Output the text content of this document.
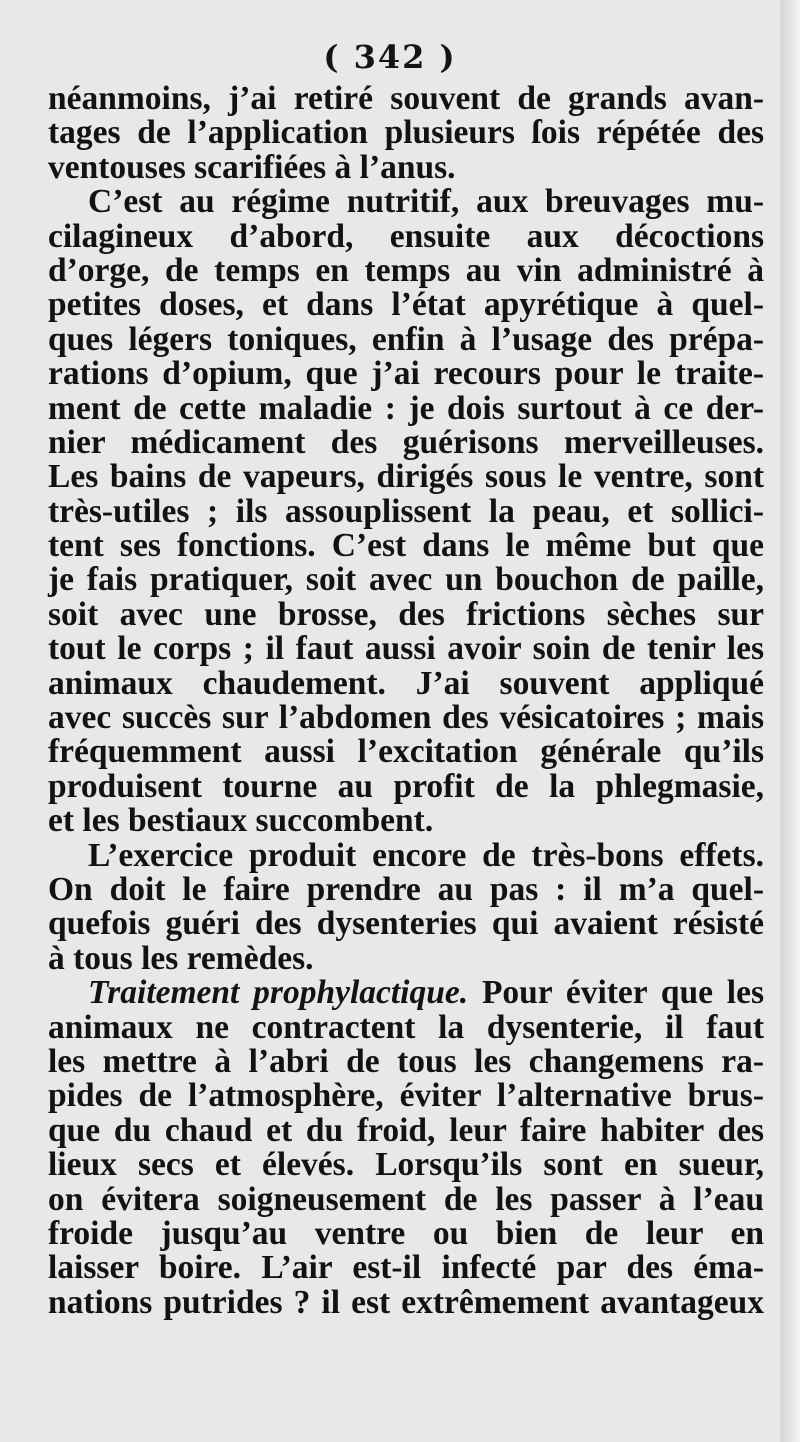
( 342 )
néanmoins, j’ai retiré souvent de grands avan-
tages de l’application plusieurs ſois répétée des
ventouses scarifiées à l’anus.
C’est au régime nutritif, aux breuvages mu-
cilagineux d’abord, ensuite aux décoctions
d’orge, de temps en temps au vin administré à
petites doses, et dans l’état apyrétique à quel-
ques légers toniques, enfin à l’usage des prépa-
rations d’opium, que j’ai recours pour le traite-
ment de cette maladie : je dois surtout à ce der-
nier médicament des guérisons merveilleuses.
Les bains de vapeurs, dirigés sous le ventre, sont
très-utiles ; ils assouplissent la peau, et sollici-
tent ses fonctions. C’est dans le même but que
je fais pratiquer, soit avec un bouchon de paille,
soit avec une brosse, des frictions sèches sur
tout le corps ; il faut aussi avoir soin de tenir les
animaux chaudement. J’ai souvent appliqué
avec succès sur l’abdomen des vésicatoires ; mais
fréquemment aussi l’excitation générale qu’ils
produisent tourne au profit de la phlegmasie,
et les bestiaux succombent.
L’exercice produit encore de très-bons effets.
On doit le faire prendre au pas : il m’a quel-
quefois guéri des dysenteries qui avaient résisté
à tous les remèdes.
Traitement prophylactique. Pour éviter que les
animaux ne contractent la dysenterie, il faut
les mettre à l’abri de tous les changemens ra-
pides de l’atmosphère, éviter l’alternative brus-
que du chaud et du froid, leur faire habiter des
lieux secs et élevés. Lorsqu’ils sont en sueur,
on évitera soigneusement de les passer à l’eau
froide jusqu’au ventre ou bien de leur en
laisser boire. L’air est-il infecté par des éma-
nations putrides ? il est extrêmement avantageux
